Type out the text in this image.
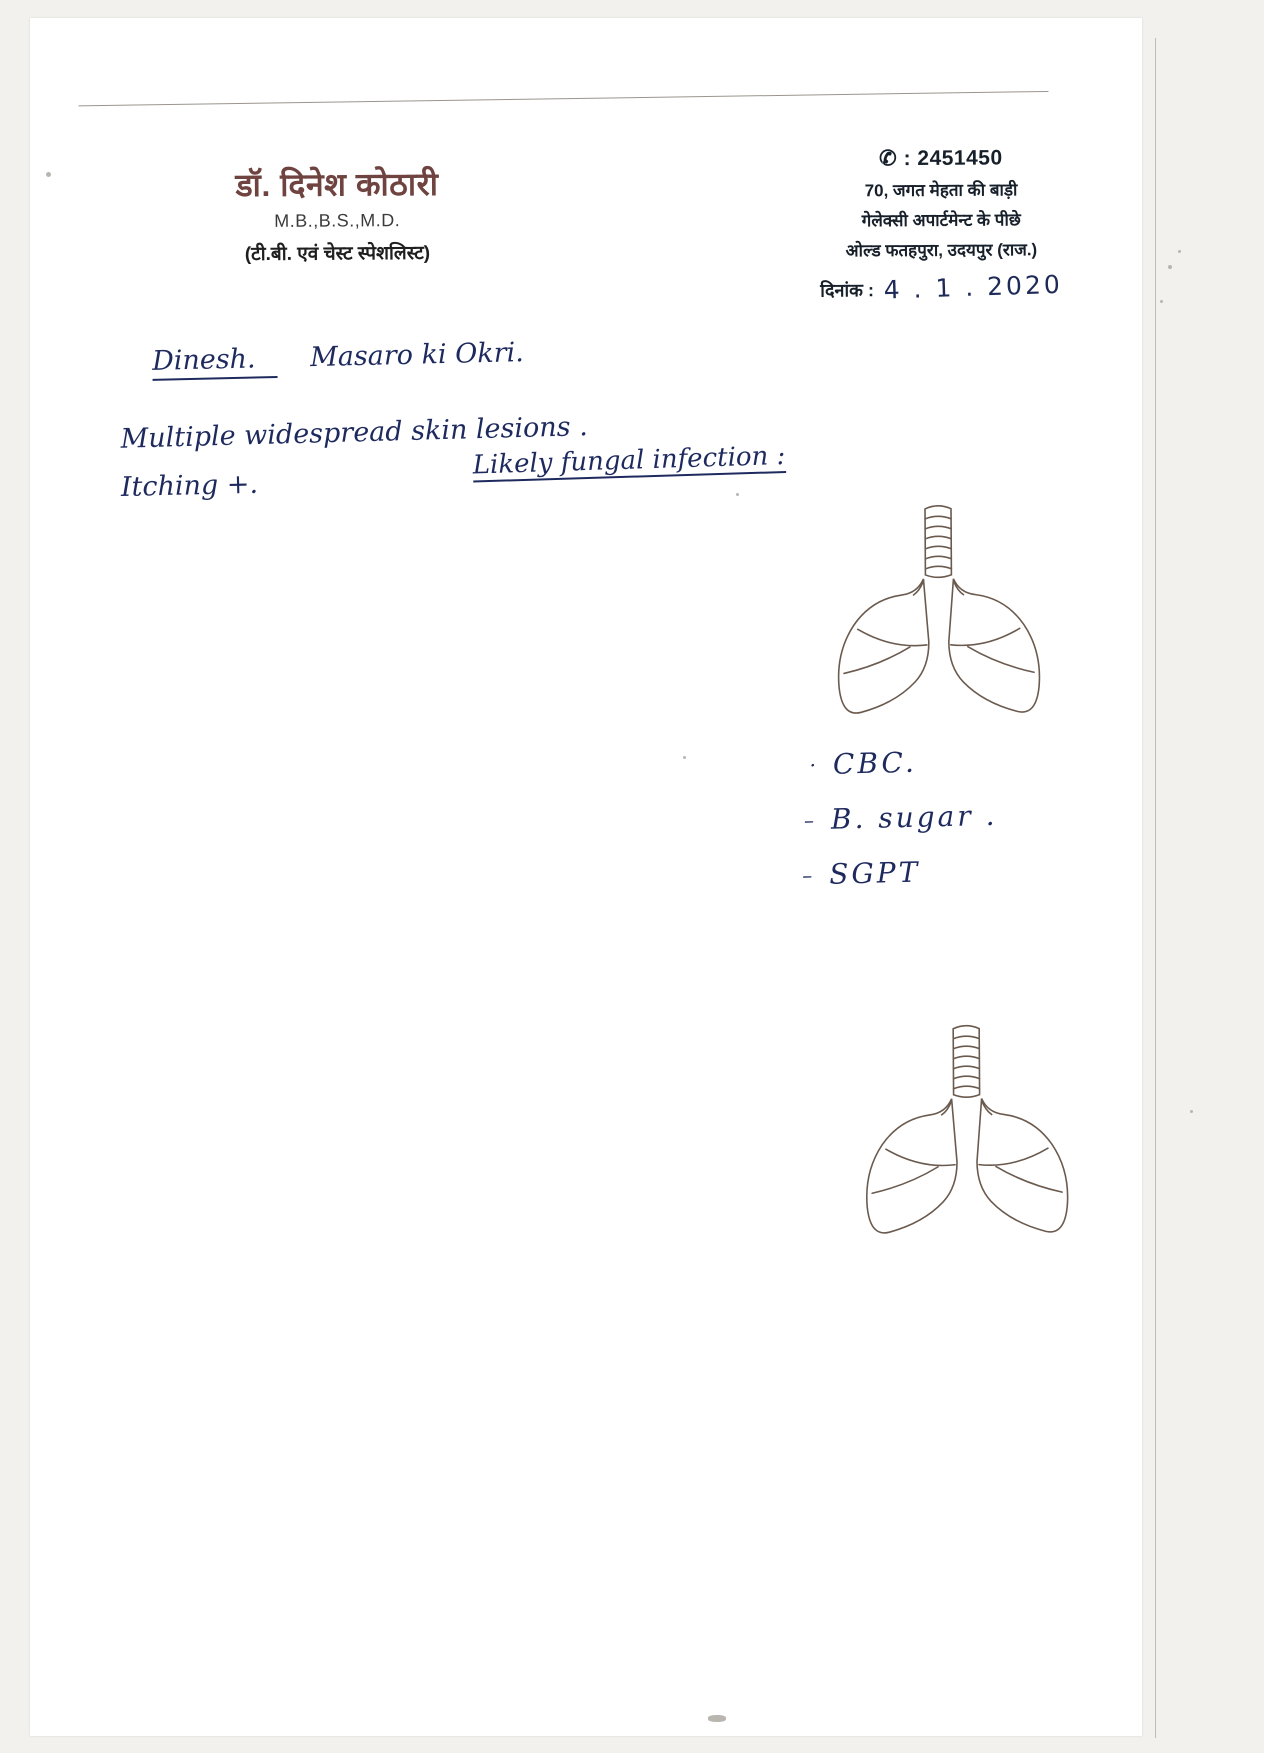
डॉ. दिनेश कोठारी
M.B.,B.S.,M.D.
(टी.बी. एवं चेस्ट स्पेशलिस्ट)
✆ : 2451450
70, जगत मेहता की बाड़ी
गेलेक्सी अपार्टमेन्ट के पीछे
ओल्ड फतहपुरा, उदयपुर (राज.)
दिनांक : 4 . 1 . 2020
Dinesh. Masaro ki Okri.
Multiple widespread skin lesions .
Itching +.
Likely fungal infection :
· CBC.
– B. sugar .
– SGPT
